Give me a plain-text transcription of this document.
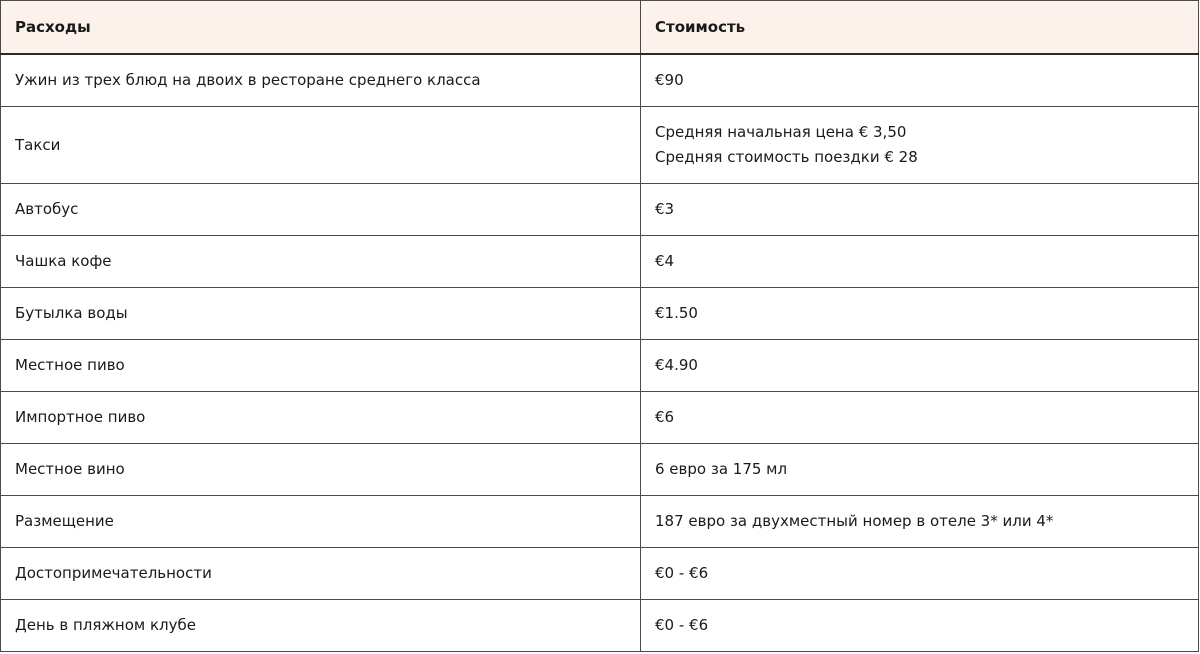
Расходы	Стоимость
Ужин из трех блюд на двоих в ресторане среднего класса	€90

Такси	Средняя начальная цена € 3,50
Средняя стоимость поездки € 28

Автобус	€3

Чашка кофе	€4

Бутылка воды	€1.50

Местное пиво	€4.90

Импортное пиво	€6

Местное вино	6 евро за 175 мл

Размещение	187 евро за двухместный номер в отеле 3* или 4*

Достопримечательности	€0 - €6

День в пляжном клубе	€0 - €6
